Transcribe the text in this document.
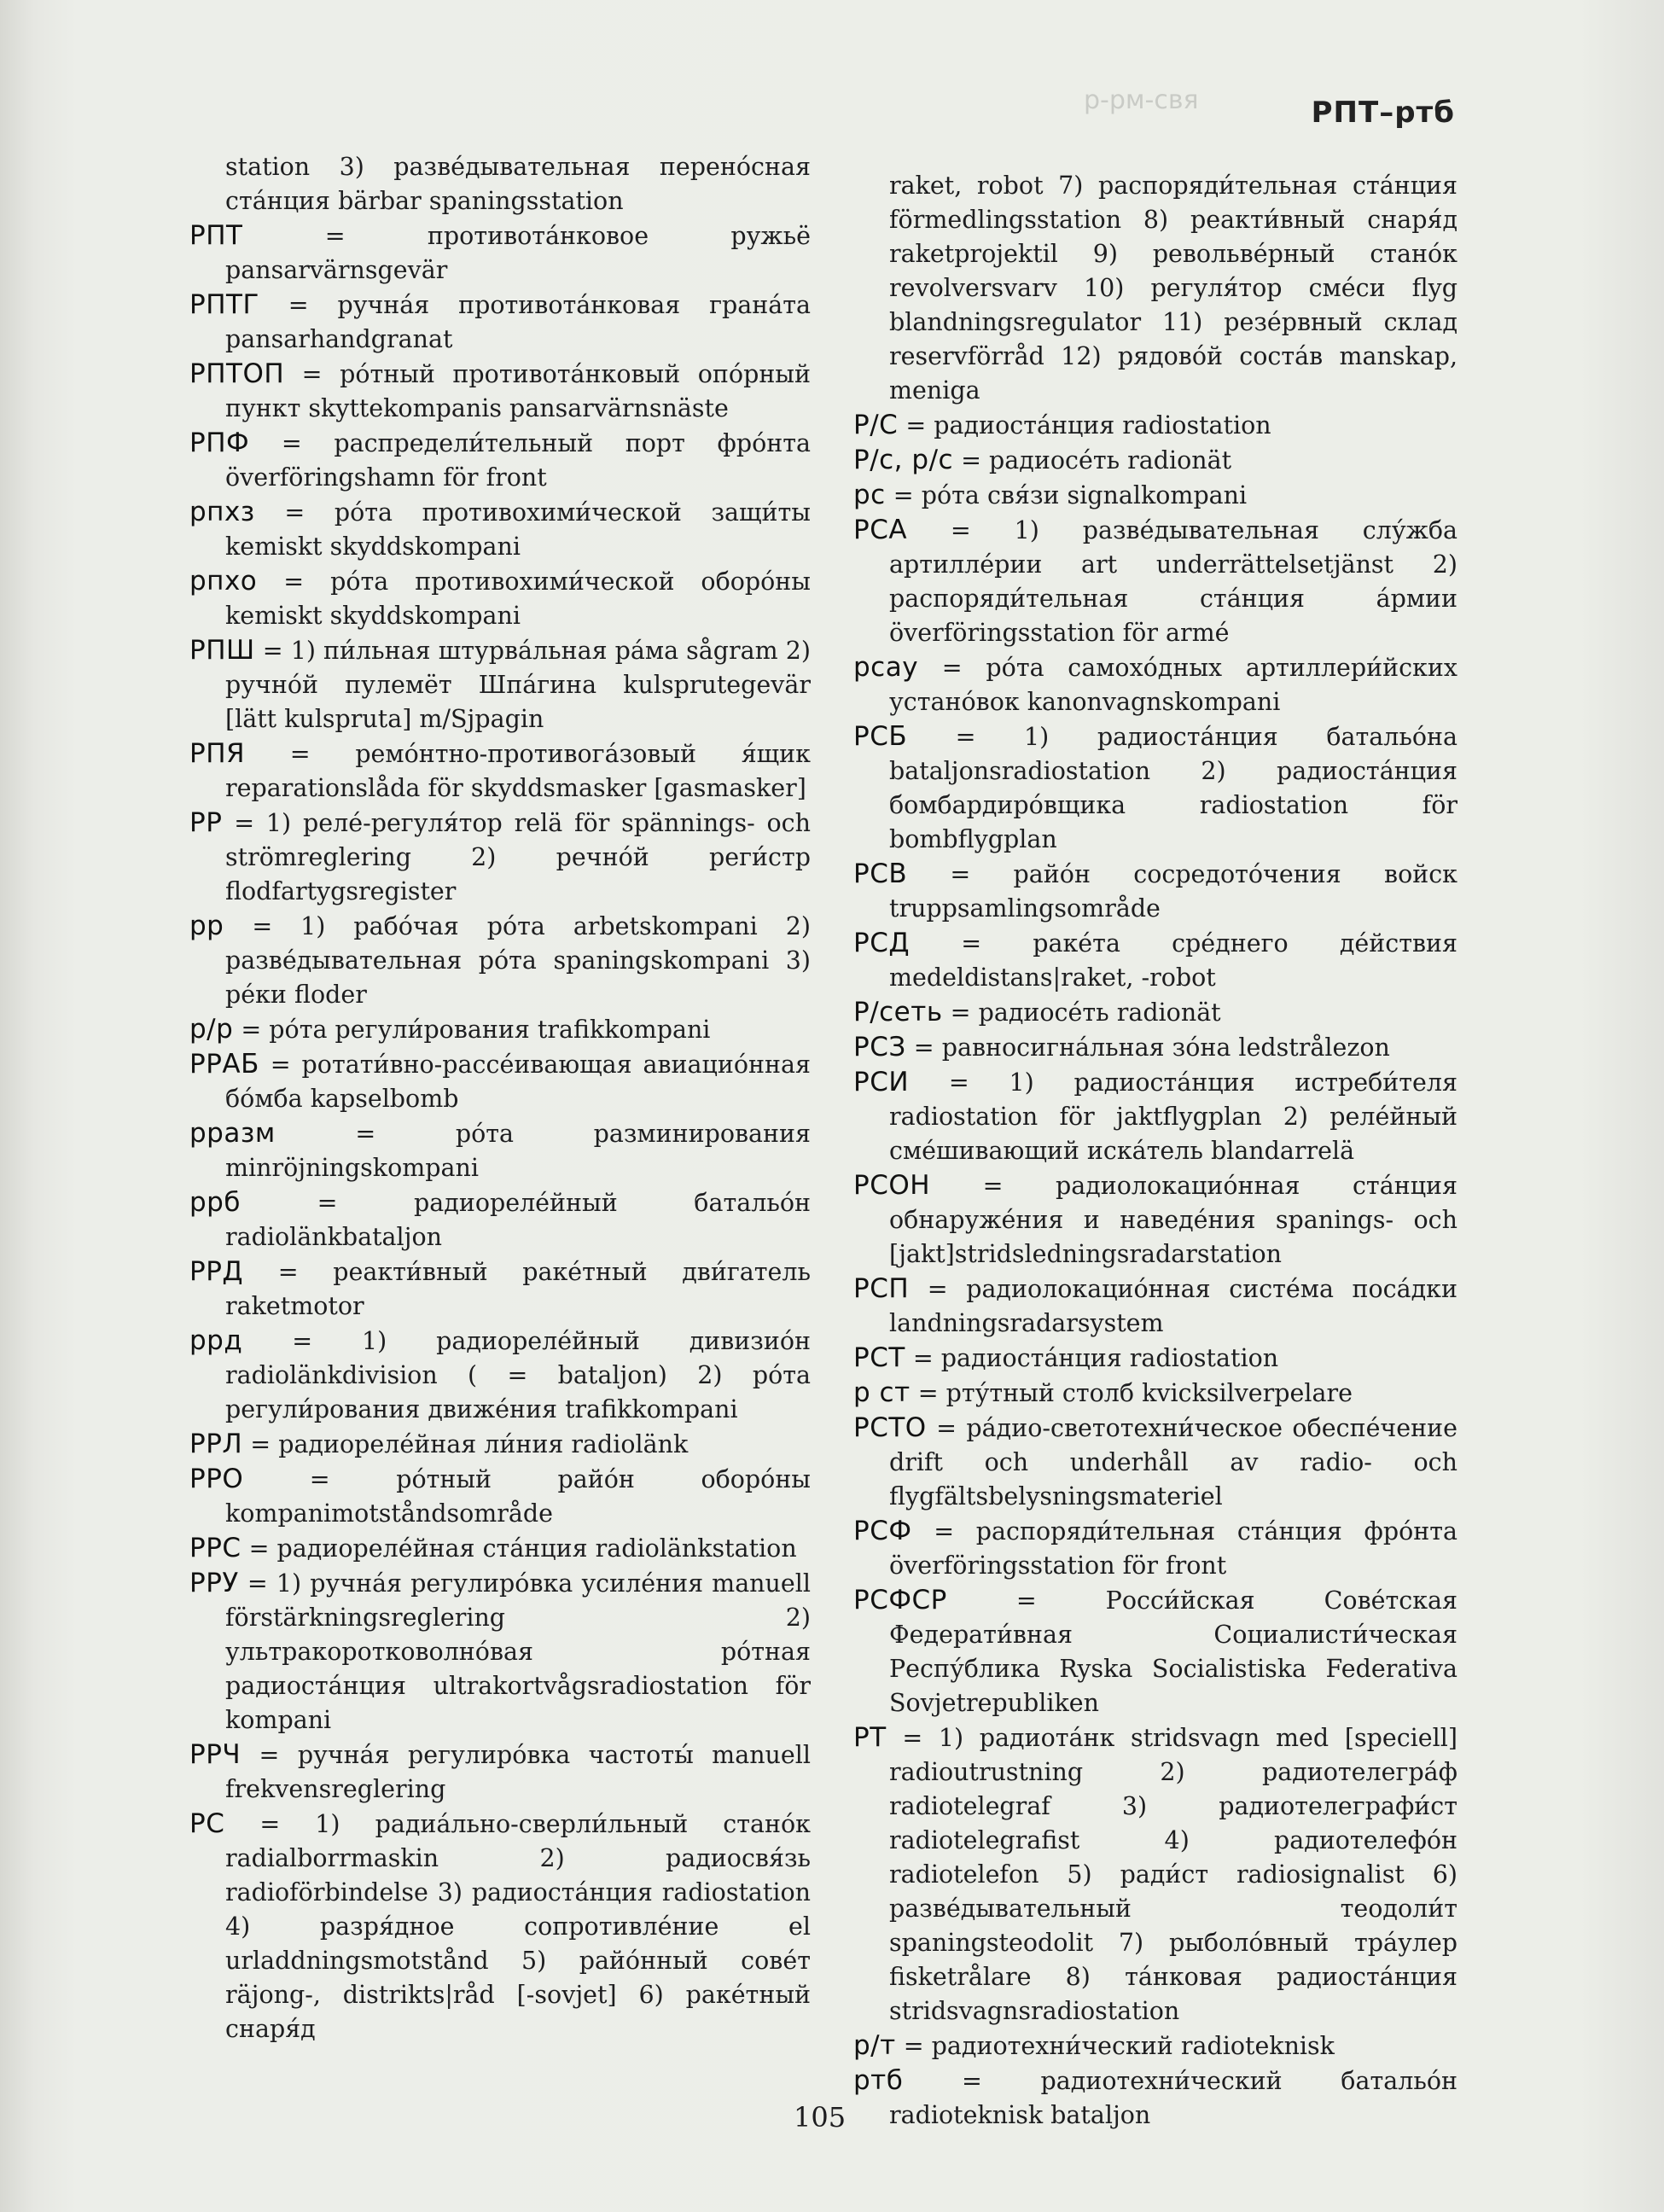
р-рм-свя	РПТ–ртб

station 3) разве́дывательная перено́сная ста́нция bärbar spaningsstation

РПТ = противота́нковое ружьё pansarvärnsgevär

РПТГ = ручна́я противота́нковая грана́та pansarhandgranat

РПТОП = ро́тный противота́нковый опо́рный пункт skyttekompanis pansarvärnsnäste

РПФ = распредели́тельный порт фро́нта överföringshamn för front

рпхз = ро́та противохими́ческой защи́ты kemiskt skyddskompani

рпхо = ро́та противохими́ческой оборо́ны kemiskt skyddskompani

РПШ = 1) пи́льная штурва́льная ра́ма sågram 2) ручно́й пулемёт Шпа́гина kulsprutegevär [lätt kulspruta] m/Sjpagin

РПЯ = ремо́нтно-противога́зовый я́щик reparationslåda för skyddsmasker [gasmasker]

РР = 1) реле́-регуля́тор relä för spännings- och strömreglering 2) речно́й реги́стр flodfartygsregister

рр = 1) рабо́чая ро́та arbetskompani 2) разве́дывательная ро́та spaningskompani 3) ре́ки floder

р/р = ро́та регули́рования trafikkompani

РРАБ = ротати́вно-рассе́ивающая авиацио́нная бо́мба kapselbomb

рразм = ро́та разминирования minröjningskompani

ррб = радиореле́йный батальо́н radiolänkbataljon

РРД = реакти́вный раке́тный дви́гатель raketmotor

ррд = 1) радиореле́йный дивизио́н radiolänkdivision ( = bataljon) 2) ро́та регули́рования движе́ния trafikkompani

РРЛ = радиореле́йная ли́ния radiolänk

РРО = ро́тный райо́н оборо́ны kompanimotståndsområde

РРС = радиореле́йная ста́нция radiolänkstation

РРУ = 1) ручна́я регулиро́вка усиле́ния manuell förstärkningsreglering 2) ультракоротковолно́вая ро́тная радиоста́нция ultrakortvågsradiostation för kompani

РРЧ = ручна́я регулиро́вка частоты́ manuell frekvensreglering

РС = 1) радиа́льно-сверли́льный стано́к radialborrmaskin 2) радиосвя́зь radioförbindelse 3) радиоста́нция radiostation 4) разря́дное сопротивле́ние el urladdningsmotstånd 5) райо́нный сове́т räjong-, distrikts|råd [-sovjet] 6) раке́тный снаря́д

raket, robot 7) распоряди́тельная ста́нция förmedlingsstation 8) реакти́вный снаря́д raketprojektil 9) револьве́рный стано́к revolversvarv 10) регуля́тор сме́си flyg blandningsregulator 11) резе́рвный склад reservförråd 12) рядово́й соста́в manskap, meniga

Р/С = радиоста́нция radiostation

Р/с, р/с = радиосе́ть radionät

рс = ро́та свя́зи signalkompani

РСА = 1) разве́дывательная слу́жба артилле́рии art underrättelsetjänst 2) распоряди́тельная ста́нция а́рмии överföringsstation för armé

рсау = ро́та самохо́дных артиллери́йских устано́вок kanonvagnskompani

РСБ = 1) радиоста́нция батальо́на bataljonsradiostation 2) радиоста́нция бомбардиро́вщика radiostation för bombflygplan

РСВ = райо́н сосредото́чения войск truppsamlingsområde

РСД = раке́та сре́днего де́йствия medeldistans|raket, -robot

Р/сеть = радиосе́ть radionät

РСЗ = равносигна́льная зо́на ledstrålezon

РСИ = 1) радиоста́нция истреби́теля radiostation för jaktflygplan 2) реле́йный сме́шивающий иска́тель blandarrelä

РСОН = радиолокацио́нная ста́нция обнаруже́ния и наведе́ния spanings- och [jakt]stridsledningsradarstation

РСП = радиолокацио́нная систе́ма поса́дки landningsradarsystem

РСТ = радиоста́нция radiostation

р ст = рту́тный столб kvicksilverpelare

РСТО = ра́дио-светотехни́ческое обеспе́чение drift och underhåll av radio- och flygfältsbelysningsmateriel

РСФ = распоряди́тельная ста́нция фро́нта överföringsstation för front

РСФСР = Росси́йская Сове́тская Федерати́вная Социалисти́ческая Респу́блика Ryska Socialistiska Federativa Sovjetrepubliken

РТ = 1) радиота́нк stridsvagn med [speciell] radioutrustning 2) радиотелегра́ф radiotelegraf 3) радиотелеграфи́ст radiotelegrafist 4) радиотелефо́н radiotelefon 5) ради́ст radiosignalist 6) разве́дывательный теодоли́т spaningsteodolit 7) рыболо́вный тра́улер fisketrålare 8) та́нковая радиоста́нция stridsvagnsradiostation

р/т = радиотехни́ческий radioteknisk

ртб = радиотехни́ческий батальо́н radioteknisk bataljon

105
